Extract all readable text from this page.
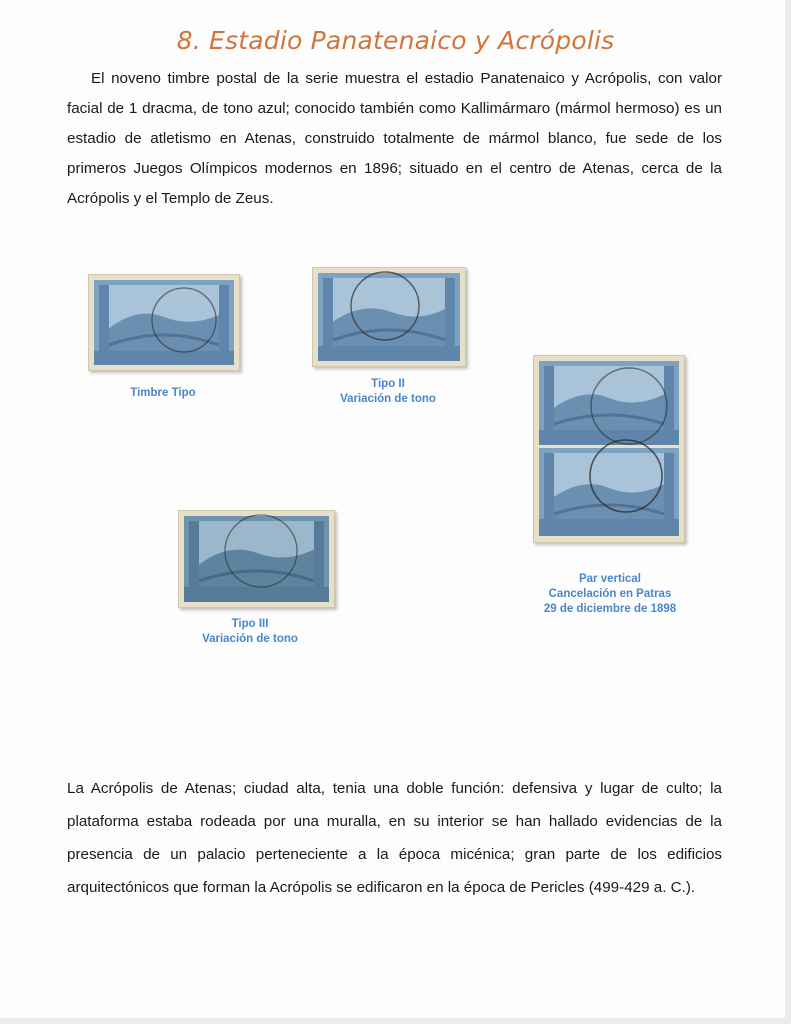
8. Estadio Panatenaico y Acrópolis
El noveno timbre postal de la serie muestra el estadio Panatenaico y Acrópolis, con valor facial de 1 dracma, de tono azul; conocido también como Kallimármaro (mármol hermoso) es un estadio de atletismo en Atenas, construido totalmente de mármol blanco, fue sede de los primeros Juegos Olímpicos modernos en 1896; situado en el centro de Atenas, cerca de la Acrópolis y el Templo de Zeus.
Timbre Tipo
Tipo II
Variación de tono
Par vertical
Cancelación en Patras
29 de diciembre de 1898
Tipo III
Variación de tono
La Acrópolis de Atenas; ciudad alta, tenia una doble función: defensiva y lugar de culto; la plataforma estaba rodeada por una muralla, en su interior se han hallado evidencias de la presencia de un palacio perteneciente a la época micénica; gran parte de los edificios arquitectónicos que forman la Acrópolis se edificaron en la época de Pericles (499-429 a. C.).
